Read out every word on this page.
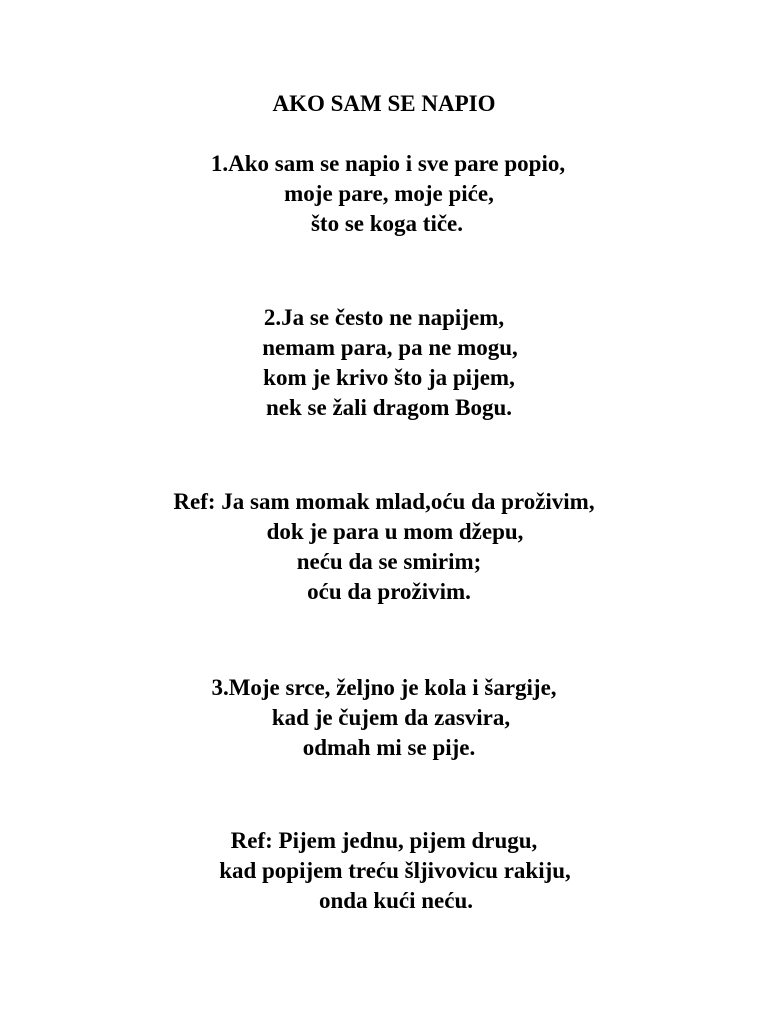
AKO SAM SE NAPIO
1.Ako sam se napio i sve pare popio,
moje pare, moje piće,
što se koga tiče.
2.Ja se često ne napijem,
nemam para, pa ne mogu,
kom je krivo što ja pijem,
nek se žali dragom Bogu.
Ref: Ja sam momak mlad,oću da proživim,
dok je para u mom džepu,
neću da se smirim;
oću da proživim.
3.Moje srce, željno je kola i šargije,
kad je čujem da zasvira,
odmah mi se pije.
Ref: Pijem jednu, pijem drugu,
kad popijem treću šljivovicu rakiju,
onda kući neću.
